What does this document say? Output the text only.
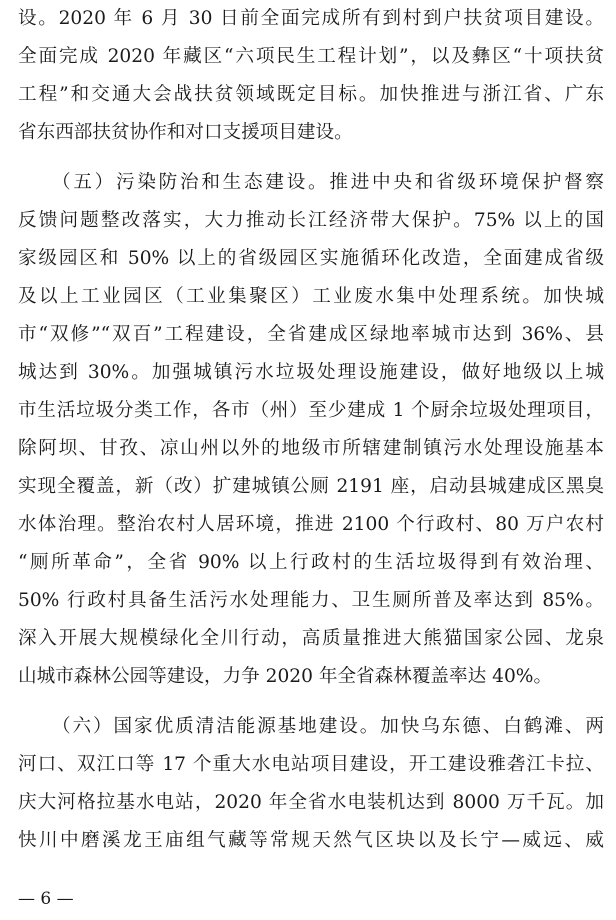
设。2020 年 6 月 30 日前全面完成所有到村到户扶贫项目建设。
全面完成 2020 年藏区“六项民生工程计划”，以及彝区“十项扶贫
工程”和交通大会战扶贫领域既定目标。加快推进与浙江省、广东
省东西部扶贫协作和对口支援项目建设。
（五）污染防治和生态建设。推进中央和省级环境保护督察
反馈问题整改落实，大力推动长江经济带大保护。75% 以上的国
家级园区和 50% 以上的省级园区实施循环化改造，全面建成省级
及以上工业园区（工业集聚区）工业废水集中处理系统。加快城
市“双修”“双百”工程建设，全省建成区绿地率城市达到 36%、县
城达到 30%。加强城镇污水垃圾处理设施建设，做好地级以上城
市生活垃圾分类工作，各市（州）至少建成 1 个厨余垃圾处理项目，
除阿坝、甘孜、凉山州以外的地级市所辖建制镇污水处理设施基本
实现全覆盖，新（改）扩建城镇公厕 2191 座，启动县城建成区黑臭
水体治理。整治农村人居环境，推进 2100 个行政村、80 万户农村
“厕所革命”，全省 90% 以上行政村的生活垃圾得到有效治理、
50% 行政村具备生活污水处理能力、卫生厕所普及率达到 85%。
深入开展大规模绿化全川行动，高质量推进大熊猫国家公园、龙泉
山城市森林公园等建设，力争 2020 年全省森林覆盖率达 40%。
（六）国家优质清洁能源基地建设。加快乌东德、白鹤滩、两
河口、双江口等 17 个重大水电站项目建设，开工建设雅砻江卡拉、
庆大河格拉基水电站，2020 年全省水电装机达到 8000 万千瓦。加
快川中磨溪龙王庙组气藏等常规天然气区块以及长宁—威远、威
— 6 —
